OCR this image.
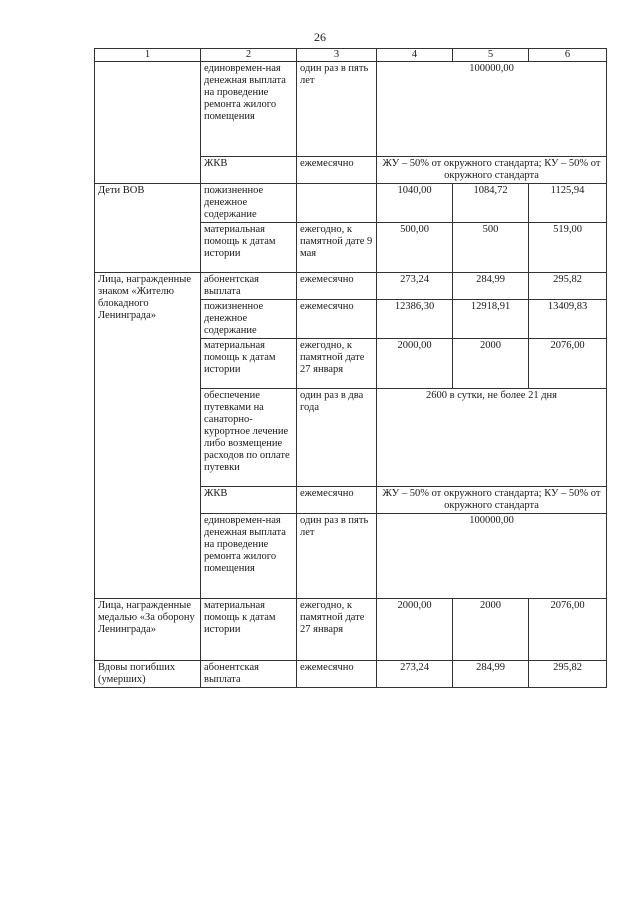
26
1	2	3	4	5	6
	единовремен-ная денежная выплата на проведение ремонта жилого помещения	один раз в пять лет	100000,00		
	ЖКВ	ежемесячно	ЖУ – 50% от окружного стандарта; КУ – 50% от окружного стандарта		
Дети ВОВ	пожизненное денежное содержание		1040,00	1084,72	1125,94
	материальная помощь к датам истории	ежегодно, к памятной дате 9 мая	500,00	500	519,00
Лица, награжденные знаком «Жителю блокадного Ленинграда»	абонентская выплата	ежемесячно	273,24	284,99	295,82
	пожизненное денежное содержание	ежемесячно	12386,30	12918,91	13409,83
	материальная помощь к датам истории	ежегодно, к памятной дате 27 января	2000,00	2000	2076,00
	обеспечение путевками на санаторно-курортное лечение либо возмещение расходов по оплате путевки	один раз в два года	2600 в сутки, не более 21 дня		
	ЖКВ	ежемесячно	ЖУ – 50% от окружного стандарта; КУ – 50% от окружного стандарта		
	единовремен-ная денежная выплата на проведение ремонта жилого помещения	один раз в пять лет	100000,00		
Лица, награжденные медалью «За оборону Ленинграда»	материальная помощь к датам истории	ежегодно, к памятной дате 27 января	2000,00	2000	2076,00
Вдовы погибших (умерших)	абонентская выплата	ежемесячно	273,24	284,99	295,82
